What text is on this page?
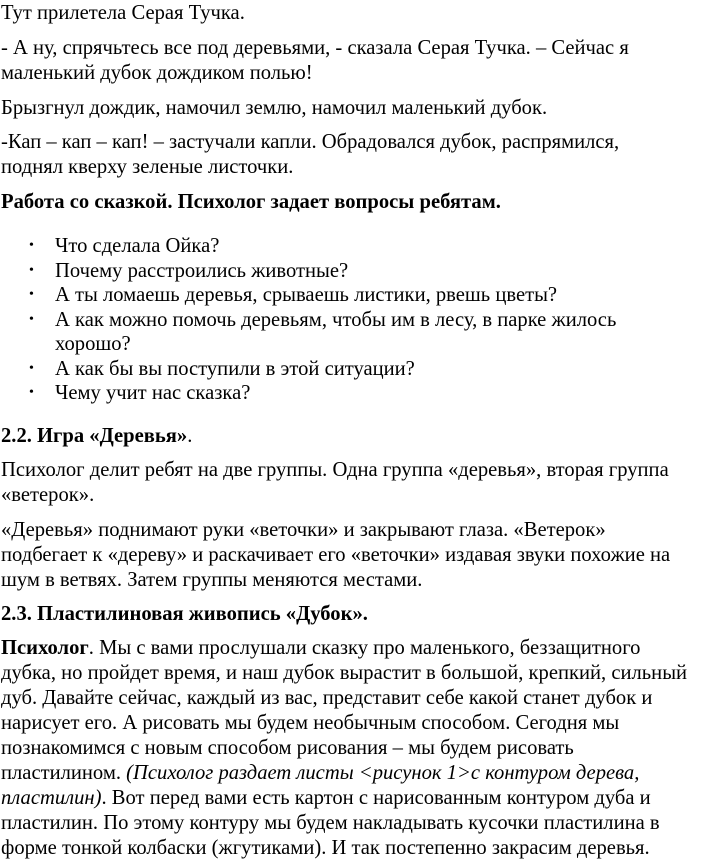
Тут прилетела Серая Тучка.

- А ну, спрячьтесь все под деревьями, - сказала Серая Тучка. – Сейчас я
маленький дубок дождиком полью!

Брызгнул дождик, намочил землю, намочил маленький дубок.

-Кап – кап – кап! – застучали капли. Обрадовался дубок, распрямился,
поднял кверху зеленые листочки.

Работа со сказкой. Психолог задает вопросы ребятам.

• Что сделала Ойка?
• Почему расстроились животные?
• А ты ломаешь деревья, срываешь листики, рвешь цветы?
• А как можно помочь деревьям, чтобы им в лесу, в парке жилось
хорошо?
• А как бы вы поступили в этой ситуации?
• Чему учит нас сказка?

2.2. Игра «Деревья».

Психолог делит ребят на две группы. Одна группа «деревья», вторая группа
«ветерок».

«Деревья» поднимают руки «веточки» и закрывают глаза. «Ветерок»
подбегает к «дереву» и раскачивает его «веточки» издавая звуки похожие на
шум в ветвях. Затем группы меняются местами.

2.3. Пластилиновая живопись «Дубок».

Психолог. Мы с вами прослушали сказку про маленького, беззащитного
дубка, но пройдет время, и наш дубок вырастит в большой, крепкий, сильный
дуб. Давайте сейчас, каждый из вас, представит себе какой станет дубок и
нарисует его. А рисовать мы будем необычным способом. Сегодня мы
познакомимся с новым способом рисования – мы будем рисовать
пластилином. (Психолог раздает листы <рисунок 1>с контуром дерева,
пластилин). Вот перед вами есть картон с нарисованным контуром дуба и
пластилин. По этому контуру мы будем накладывать кусочки пластилина в
форме тонкой колбаски (жгутиками). И так постепенно закрасим деревья.
